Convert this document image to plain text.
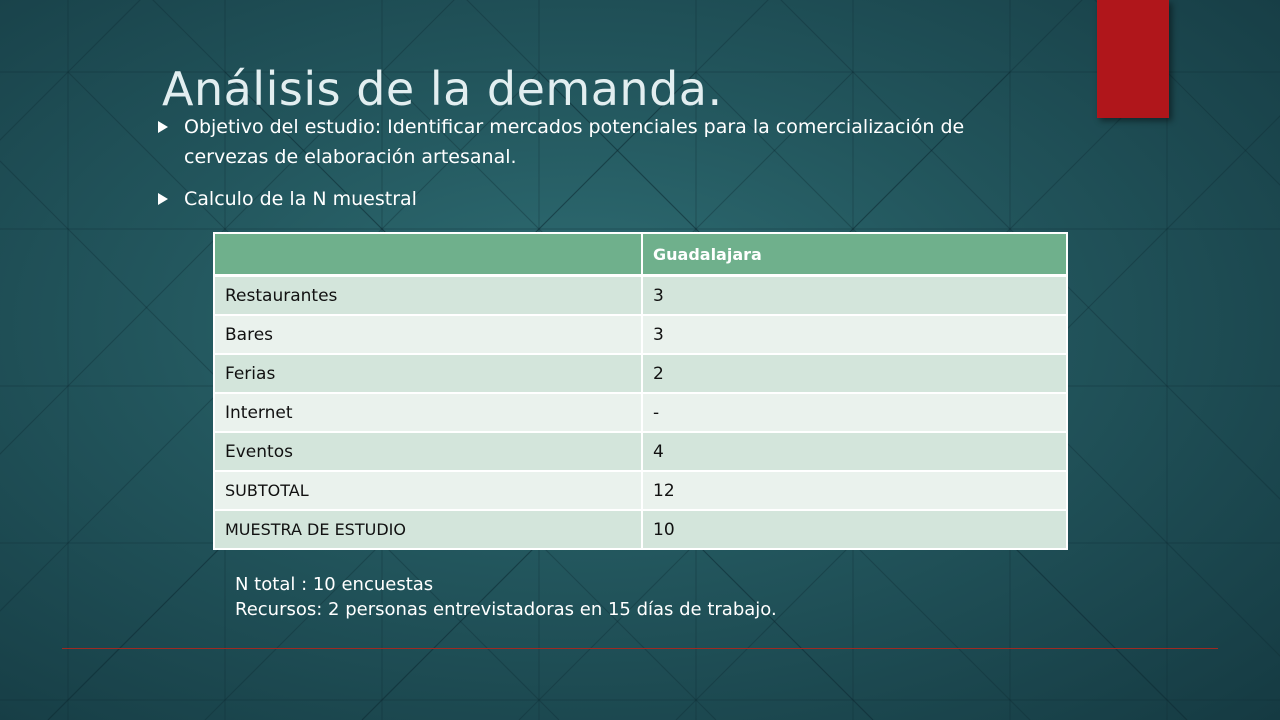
Análisis de la demanda.
Objetivo del estudio: Identificar mercados potenciales para la comercialización de cervezas de elaboración artesanal.
Calculo de la N muestral
	Guadalajara
Restaurantes	3
Bares	3
Ferias	2
Internet	-
Eventos	4
SUBTOTAL	12
MUESTRA DE ESTUDIO	10
N total : 10 encuestas
Recursos: 2 personas entrevistadoras en 15 días de trabajo.
